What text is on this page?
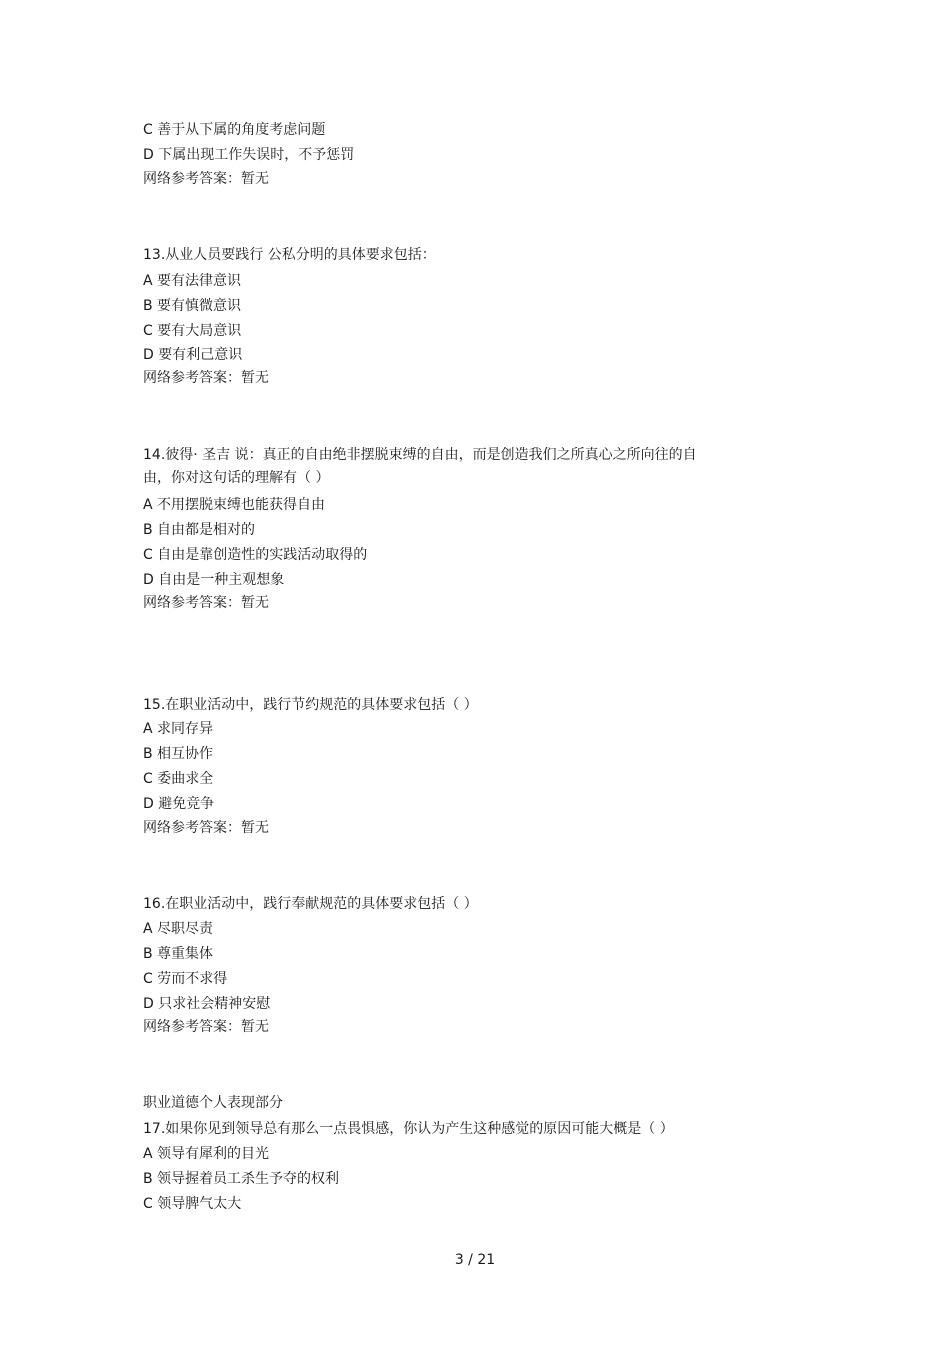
C 善于从下属的角度考虑问题

D 下属出现工作失误时，不予惩罚

网络参考答案：暂无

13.从业人员要践行 公私分明的具体要求包括：

A 要有法律意识

B 要有慎微意识

C 要有大局意识

D 要有利己意识

网络参考答案：暂无

14.彼得· 圣吉 说：真正的自由绝非摆脱束缚的自由，而是创造我们之所真心之所向往的自

由，你对这句话的理解有（ ）

A 不用摆脱束缚也能获得自由

B 自由都是相对的

C 自由是靠创造性的实践活动取得的

D 自由是一种主观想象

网络参考答案：暂无

15.在职业活动中，践行节约规范的具体要求包括（ ）

A 求同存异

B 相互协作

C 委曲求全

D 避免竞争

网络参考答案：暂无

16.在职业活动中，践行奉献规范的具体要求包括（ ）

A 尽职尽责

B 尊重集体

C 劳而不求得

D 只求社会精神安慰

网络参考答案：暂无

职业道德个人表现部分

17.如果你见到领导总有那么一点畏惧感，你认为产生这种感觉的原因可能大概是（ ）

A 领导有犀利的目光

B 领导握着员工杀生予夺的权利

C 领导脾气太大

3 / 21
